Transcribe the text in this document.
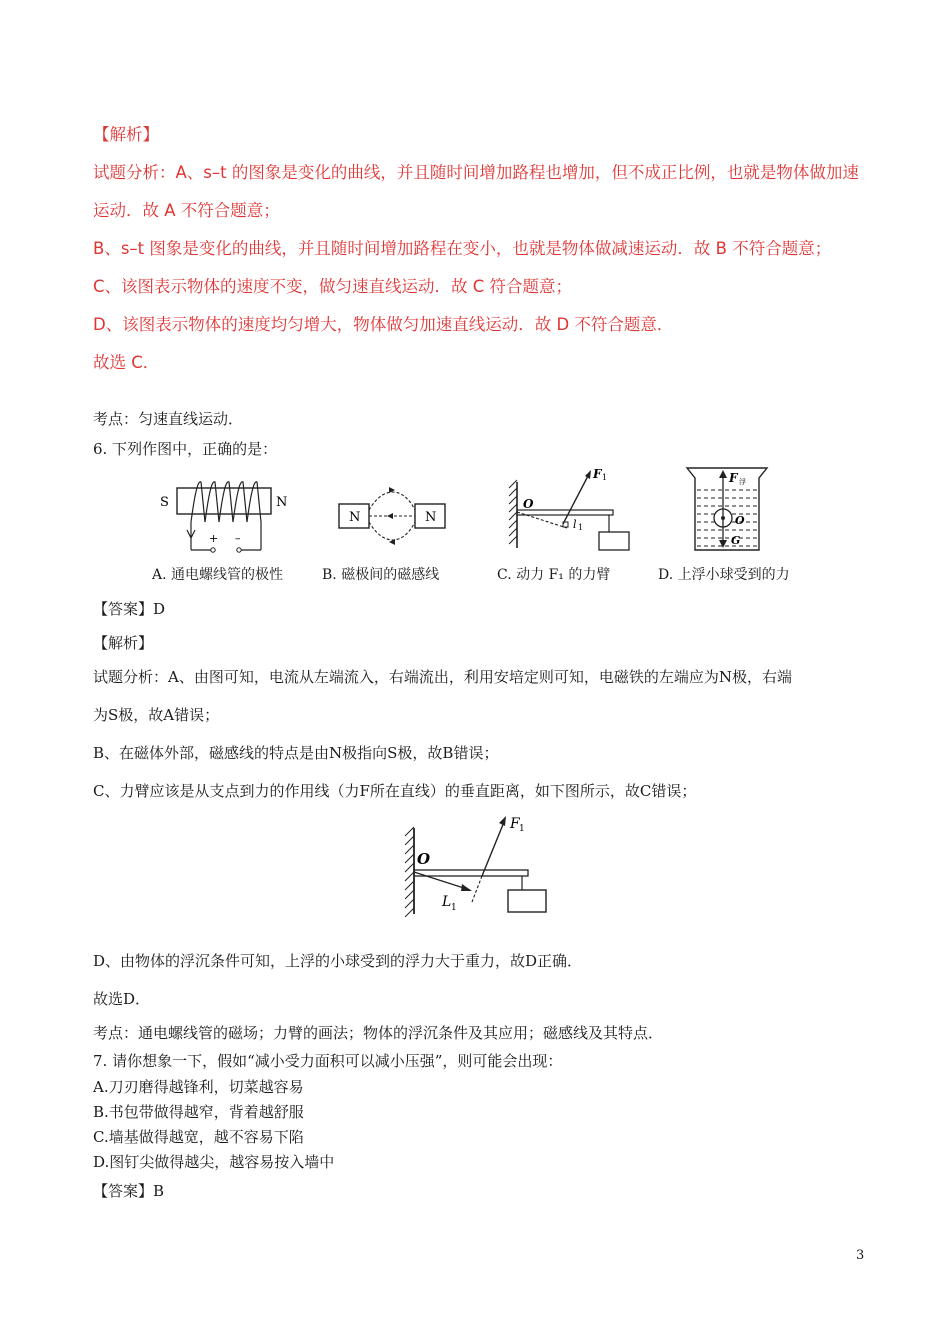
【解析】
试题分析：A、s–t 的图象是变化的曲线，并且随时间增加路程也增加，但不成正比例，也就是物体做加速
运动．故 A 不符合题意；
B、s–t 图象是变化的曲线，并且随时间增加路程在变小，也就是物体做减速运动．故 B 不符合题意；
C、该图表示物体的速度不变，做匀速直线运动．故 C 符合题意；
D、该图表示物体的速度均匀增大，物体做匀加速直线运动．故 D 不符合题意．
故选 C．
考点：匀速直线运动．
6. 下列作图中，正确的是：
S	N
+ –
A. 通电螺线管的极性
N	N
B. 磁极间的磁感线
O
F 1
l 1
C. 动力 F₁ 的力臂
F 浮
O
G
D. 上浮小球受到的力
【答案】D
【解析】
试题分析：A、由图可知，电流从左端流入，右端流出，利用安培定则可知，电磁铁的左端应为N极，右端
为S极，故A错误；
B、在磁体外部，磁感线的特点是由N极指向S极，故B错误；
C、力臂应该是从支点到力的作用线（力F所在直线）的垂直距离，如下图所示，故C错误；
O
F 1
L 1
D、由物体的浮沉条件可知，上浮的小球受到的浮力大于重力，故D正确．
故选D．
考点：通电螺线管的磁场；力臂的画法；物体的浮沉条件及其应用；磁感线及其特点．
7. 请你想象一下，假如“减小受力面积可以减小压强”，则可能会出现：
A.刀刃磨得越锋利，切菜越容易
B.书包带做得越窄，背着越舒服
C.墙基做得越宽，越不容易下陷
D.图钉尖做得越尖，越容易按入墙中
【答案】B
3
